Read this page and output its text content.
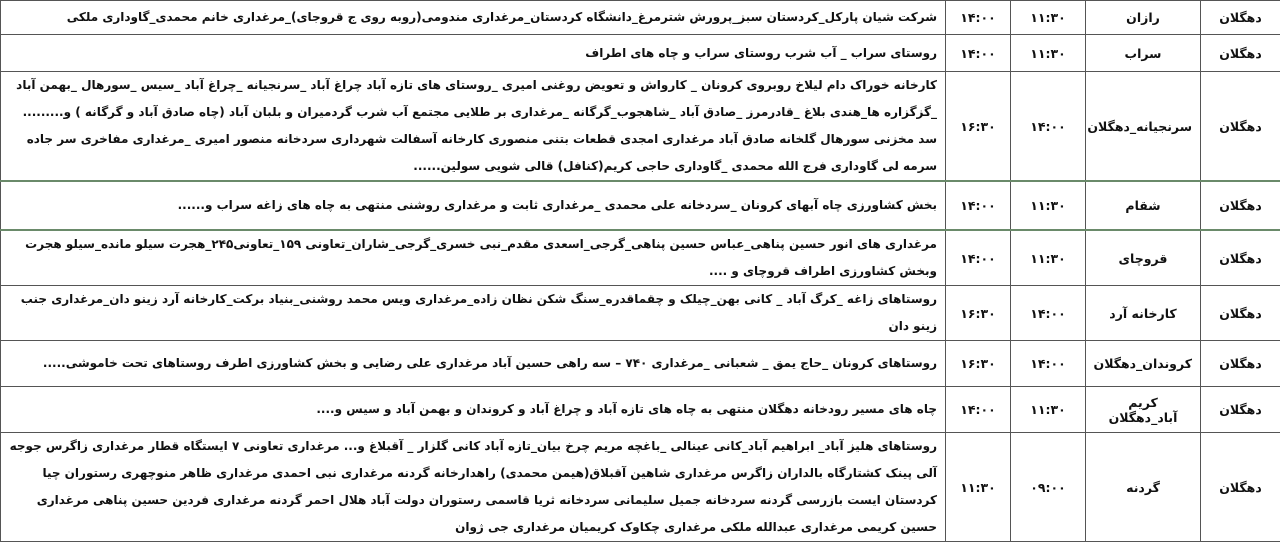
دهگلان	رازان	۱۱:۳۰	۱۴:۰۰	شرکت شیان پارکل_کردستان سبز_پرورش شترمرغ_دانشگاه کردستان_مرغداری مندومی(روبه روی ج قروجای)_مرغداری خانم محمدی_گاوداری ملکی
دهگلان	سراب	۱۱:۳۰	۱۴:۰۰	روستای سراب _ آب شرب روستای سراب و چاه های اطراف
دهگلان	سرنجیانه_دهگلان	۱۴:۰۰	۱۶:۳۰	کارخانه خوراک دام لیلاخ روبروی کرونان _ کارواش و تعویض روغنی امیری _روستای های تازه آباد چراغ آباد _سرنجیانه _چراغ آباد _سیس _سورهال _بهمن آباد _گزگزاره ها_هندی بلاغ _قادرمرز _صادق آباد _شاهجوب_گرگانه _مرغداری بر طلایی مجتمع آب شرب گردمیران و بلبان آباد (چاه صادق آباد و گرگانه ) و......... سد مخزنی سورهال گلخانه صادق آباد مرغداری امجدی قطعات بتنی منصوری کارخانه آسفالت شهرداری سردخانه منصور امیری _مرغداری مفاخری سر جاده سرمه لی گاوداری فرج الله محمدی _گاوداری حاجی کریم(کنافل) قالی شویی سولین......
دهگلان	شقام	۱۱:۳۰	۱۴:۰۰	بخش کشاورزی چاه آبهای کرونان _سردخانه علی محمدی _مرغداری ثابت و مرغداری روشنی منتهی به چاه های زاغه سراب و......
دهگلان	قروچای	۱۱:۳۰	۱۴:۰۰	مرغداری های انور حسین پناهی_عباس حسین پناهی_گرجی_اسعدی مقدم_نبی خسری_گرجی_شاران_تعاونی ۱۵۹_تعاونی۲۴۵_هجرت سیلو مانده_سیلو هجرت وبخش کشاورزی اطراف قروچای و ....
دهگلان	کارخانه آرد	۱۴:۰۰	۱۶:۳۰	روستاهای زاغه _کرگ آباد _ کانی بهن_چیلک و چقماقدره_سنگ شکن نظان زاده_مرغداری ویس محمد روشنی_بنیاد برکت_کارخانه آرد زینو دان_مرغداری جنب زینو دان
دهگلان	کروندان_دهگلان	۱۴:۰۰	۱۶:۳۰	روستاهای کرونان _حاج یمق _ شعبانی _مرغداری ۷۴۰ – سه راهی حسین آباد مرغداری علی رضایی و بخش کشاورزی اطرف روستاهای تحت خاموشی.....
دهگلان	کریم آباد_دهگلان	۱۱:۳۰	۱۴:۰۰	چاه های مسیر رودخانه دهگلان منتهی به چاه های تازه آباد و چراغ آباد و کروندان و بهمن آباد و سیس و....
دهگلان	گردنه	۰۹:۰۰	۱۱:۳۰	روستاهای هلیز آباد_ ابراهیم آباد_کانی عینالی _باغچه مریم چرخ بیان_تازه آباد کانی گلزار _ آقبلاغ و... مرغداری تعاونی ۷ ایستگاه قطار مرغداری زاگرس جوجه آلی پینک کشتارگاه بالداران زاگرس مرغداری شاهین آقبلاق(هیمن محمدی) راهدارخانه گردنه مرغداری نبی احمدی مرغداری ظاهر منوچهری رستوران چیا کردستان ایست بازرسی گردنه سردخانه جمیل سلیمانی سردخانه ثریا قاسمی رستوران دولت آباد هلال احمر گردنه مرغداری فردین حسین پناهی مرغداری حسین کریمی مرغداری عبدالله ملکی مرغداری چکاوک کریمیان مرغداری جی ژوان
